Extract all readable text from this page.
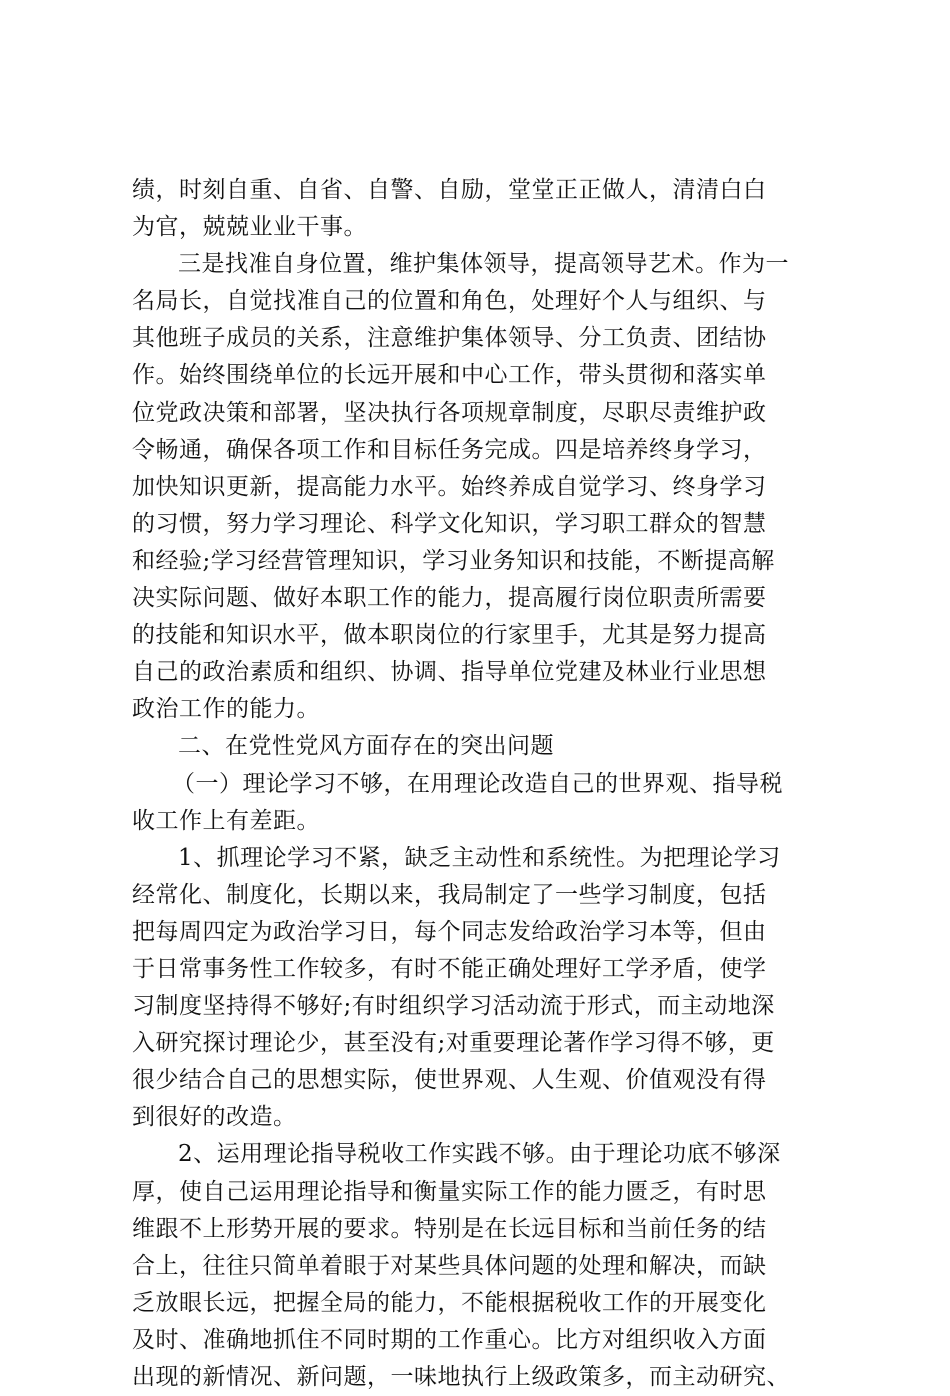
绩，时刻自重、自省、自警、自励，堂堂正正做人，清清白白
为官，兢兢业业干事。
三是找准自身位置，维护集体领导，提高领导艺术。作为一
名局长，自觉找准自己的位置和角色，处理好个人与组织、与
其他班子成员的关系，注意维护集体领导、分工负责、团结协
作。始终围绕单位的长远开展和中心工作，带头贯彻和落实单
位党政决策和部署，坚决执行各项规章制度，尽职尽责维护政
令畅通，确保各项工作和目标任务完成。四是培养终身学习，
加快知识更新，提高能力水平。始终养成自觉学习、终身学习
的习惯，努力学习理论、科学文化知识，学习职工群众的智慧
和经验;学习经营管理知识，学习业务知识和技能，不断提高解
决实际问题、做好本职工作的能力，提高履行岗位职责所需要
的技能和知识水平，做本职岗位的行家里手，尤其是努力提高
自己的政治素质和组织、协调、指导单位党建及林业行业思想
政治工作的能力。
二、在党性党风方面存在的突出问题
（一）理论学习不够，在用理论改造自己的世界观、指导税
收工作上有差距。
1、抓理论学习不紧，缺乏主动性和系统性。为把理论学习
经常化、制度化，长期以来，我局制定了一些学习制度，包括
把每周四定为政治学习日，每个同志发给政治学习本等，但由
于日常事务性工作较多，有时不能正确处理好工学矛盾，使学
习制度坚持得不够好;有时组织学习活动流于形式，而主动地深
入研究探讨理论少，甚至没有;对重要理论著作学习得不够，更
很少结合自己的思想实际，使世界观、人生观、价值观没有得
到很好的改造。
2、运用理论指导税收工作实践不够。由于理论功底不够深
厚，使自己运用理论指导和衡量实际工作的能力匮乏，有时思
维跟不上形势开展的要求。特别是在长远目标和当前任务的结
合上，往往只简单着眼于对某些具体问题的处理和解决，而缺
乏放眼长远，把握全局的能力，不能根据税收工作的开展变化
及时、准确地抓住不同时期的工作重心。比方对组织收入方面
出现的新情况、新问题，一味地执行上级政策多，而主动研究、
